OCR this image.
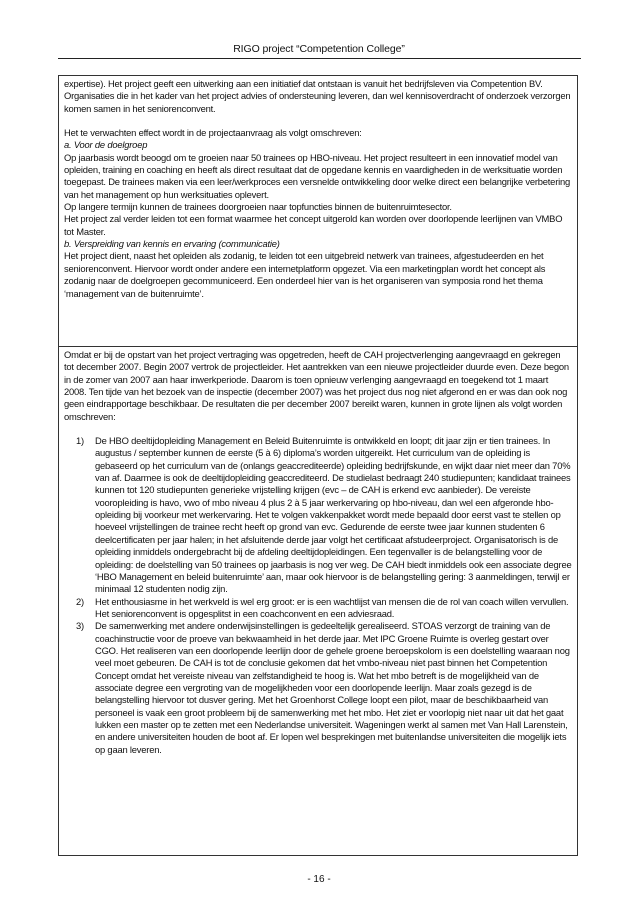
RIGO project “Competention College”

expertise). Het project geeft een uitwerking aan een initiatief dat ontstaan is vanuit het bedrijfsleven via Competention BV. Organisaties die in het kader van het project advies of ondersteuning leveren, dan wel kennisoverdracht of onderzoek verzorgen komen samen in het seniorenconvent.

Het te verwachten effect wordt in de projectaanvraag als volgt omschreven:

a. Voor de doelgroep

Op jaarbasis wordt beoogd om te groeien naar 50 trainees op HBO-niveau. Het project resulteert in een innovatief model van opleiden, training en coaching en heeft als direct resultaat dat de opgedane kennis en vaardigheden in de werksituatie worden toegepast. De trainees maken via een leer/werkproces een versnelde ontwikkeling door welke direct een belangrijke verbetering van het management op hun werksituaties oplevert.

Op langere termijn kunnen de trainees doorgroeien naar topfuncties binnen de buitenruimtesector.

Het project zal verder leiden tot een format waarmee het concept uitgerold kan worden over doorlopende leerlijnen van VMBO tot Master.

b. Verspreiding van kennis en ervaring (communicatie)

Het project dient, naast het opleiden als zodanig, te leiden tot een uitgebreid netwerk van trainees, afgestudeerden en het seniorenconvent. Hiervoor wordt onder andere een internetplatform opgezet. Via een marketingplan wordt het concept als zodanig naar de doelgroepen gecommuniceerd. Een onderdeel hier van is het organiseren van symposia rond het thema ‘management van de buitenruimte’.

Omdat er bij de opstart van het project vertraging was opgetreden, heeft de CAH projectverlenging aangevraagd en gekregen tot december 2007. Begin 2007 vertrok de projectleider. Het aantrekken van een nieuwe projectleider duurde even. Deze begon in de zomer van 2007 aan haar inwerkperiode. Daarom is toen opnieuw verlenging aangevraagd en toegekend tot 1 maart 2008. Ten tijde van het bezoek van de inspectie (december 2007) was het project dus nog niet afgerond en er was dan ook nog geen eindrapportage beschikbaar. De resultaten die per december 2007 bereikt waren, kunnen in grote lijnen als volgt worden omschreven:

1) De HBO deeltijdopleiding Management en Beleid Buitenruimte is ontwikkeld en loopt; dit jaar zijn er tien trainees. In augustus / september kunnen de eerste (5 à 6) diploma’s worden uitgereikt. Het curriculum van de opleiding is gebaseerd op het curriculum van de (onlangs geaccrediteerde) opleiding bedrijfskunde, en wijkt daar niet meer dan 70% van af. Daarmee is ook de deeltijdopleiding geaccrediteerd. De studielast bedraagt 240 studiepunten; kandidaat trainees kunnen tot 120 studiepunten generieke vrijstelling krijgen (evc – de CAH is erkend evc aanbieder). De vereiste vooropleiding is havo, vwo of mbo niveau 4 plus 2 à 5 jaar werkervaring op hbo-niveau, dan wel een afgeronde hbo-opleiding bij voorkeur met werkervaring. Het te volgen vakkenpakket wordt mede bepaald door eerst vast te stellen op hoeveel vrijstellingen de trainee recht heeft op grond van evc. Gedurende de eerste twee jaar kunnen studenten 6 deelcertificaten per jaar halen; in het afsluitende derde jaar volgt het certificaat afstudeerproject. Organisatorisch is de opleiding inmiddels ondergebracht bij de afdeling deeltijdopleidingen. Een tegenvaller is de belangstelling voor de opleiding: de doelstelling van 50 trainees op jaarbasis is nog ver weg. De CAH biedt inmiddels ook een associate degree ‘HBO Management en beleid buitenruimte’ aan, maar ook hiervoor is de belangstelling gering: 3 aanmeldingen, terwijl er minimaal 12 studenten nodig zijn.
2) Het enthousiasme in het werkveld is wel erg groot: er is een wachtlijst van mensen die de rol van coach willen vervullen. Het seniorenconvent is opgesplitst in een coachconvent en een adviesraad.
3) De samenwerking met andere onderwijsinstellingen is gedeeltelijk gerealiseerd. STOAS verzorgt de training van de coachinstructie voor de proeve van bekwaamheid in het derde jaar. Met IPC Groene Ruimte is overleg gestart over CGO. Het realiseren van een doorlopende leerlijn door de gehele groene beroepskolom is een doelstelling waaraan nog veel moet gebeuren. De CAH is tot de conclusie gekomen dat het vmbo-niveau niet past binnen het Competention Concept omdat het vereiste niveau van zelfstandigheid te hoog is. Wat het mbo betreft is de mogelijkheid van de associate degree een vergroting van de mogelijkheden voor een doorlopende leerlijn. Maar zoals gezegd is de belangstelling hiervoor tot dusver gering. Met het Groenhorst College loopt een pilot, maar de beschikbaarheid van personeel is vaak een groot probleem bij de samenwerking met het mbo. Het ziet er voorlopig niet naar uit dat het gaat lukken een master op te zetten met een Nederlandse universiteit. Wageningen werkt al samen met Van Hall Larenstein, en andere universiteiten houden de boot af. Er lopen wel besprekingen met buitenlandse universiteiten die mogelijk iets op gaan leveren.
- 16 -
